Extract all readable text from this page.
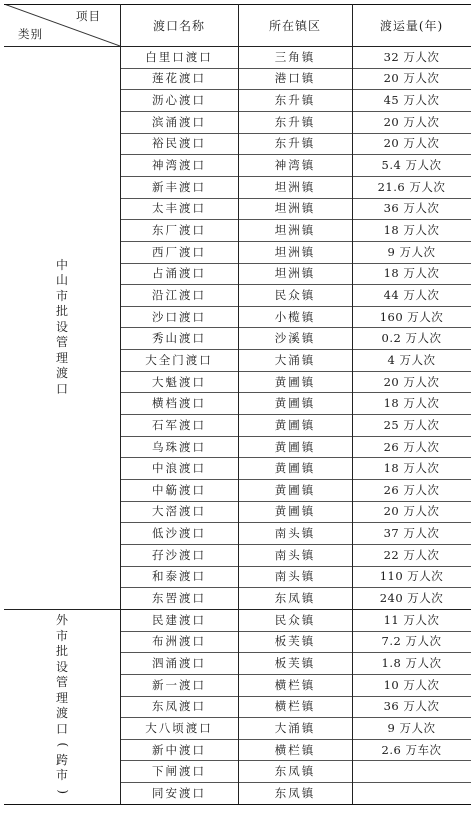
项目
类别
渡口名称	所在镇区	渡运量(年)
中
山
市
批
设
管
理
渡
口
外
市
批
设
管
理
渡
口
(
跨
市
)
白里口渡口	三角镇	32 万人次
莲花渡口	港口镇	20 万人次
沥心渡口	东升镇	45 万人次
滨涌渡口	东升镇	20 万人次
裕民渡口	东升镇	20 万人次
神湾渡口	神湾镇	5.4 万人次
新丰渡口	坦洲镇	21.6 万人次
太丰渡口	坦洲镇	36 万人次
东厂渡口	坦洲镇	18 万人次
西厂渡口	坦洲镇	9 万人次
占涌渡口	坦洲镇	18 万人次
沿江渡口	民众镇	44 万人次
沙口渡口	小榄镇	160 万人次
秀山渡口	沙溪镇	0.2 万人次
大全门渡口	大涌镇	4 万人次
大魁渡口	黄圃镇	20 万人次
横档渡口	黄圃镇	18 万人次
石军渡口	黄圃镇	25 万人次
乌珠渡口	黄圃镇	26 万人次
中浪渡口	黄圃镇	18 万人次
中簕渡口	黄圃镇	26 万人次
大滘渡口	黄圃镇	20 万人次
低沙渡口	南头镇	37 万人次
孖沙渡口	南头镇	22 万人次
和泰渡口	南头镇	110 万人次
东罟渡口	东凤镇	240 万人次
民建渡口	民众镇	11 万人次
布洲渡口	板芙镇	7.2 万人次
泗涌渡口	板芙镇	1.8 万人次
新一渡口	横栏镇	10 万人次
东凤渡口	横栏镇	36 万人次
大八顷渡口	大涌镇	9 万人次
新中渡口	横栏镇	2.6 万车次
下闸渡口	东凤镇
同安渡口	东凤镇
